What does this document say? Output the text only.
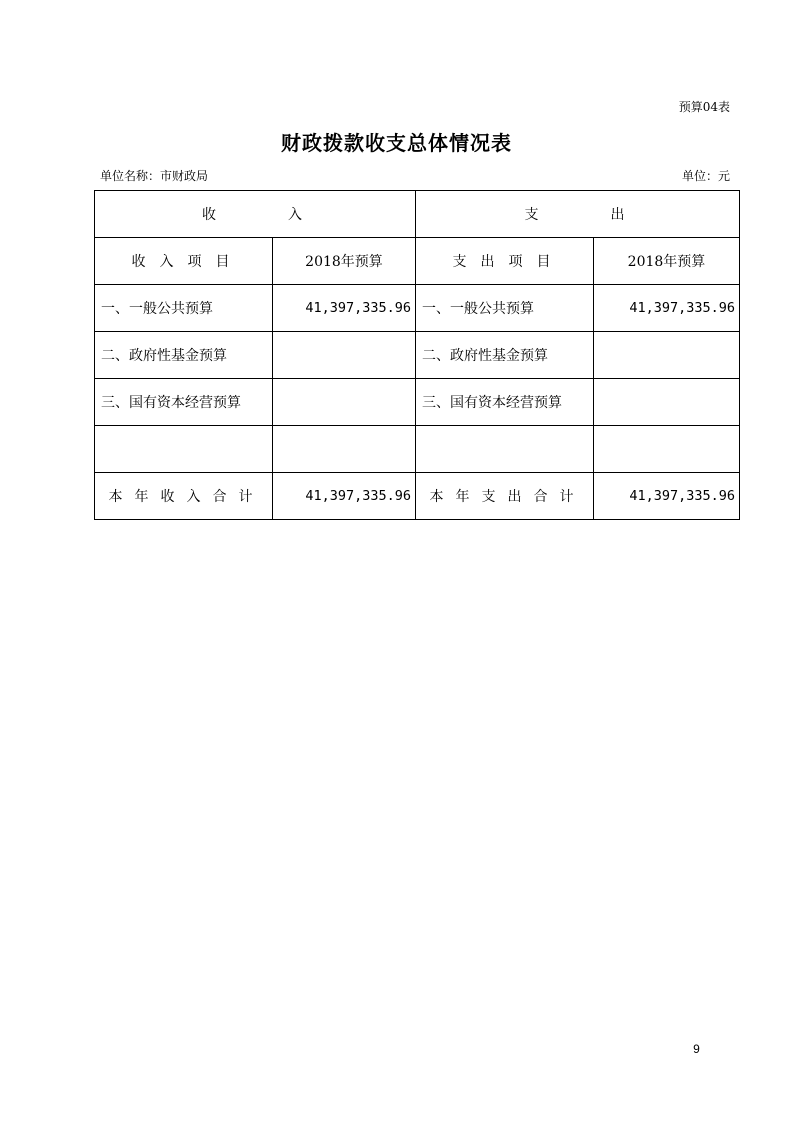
预算04表
财政拨款收支总体情况表
单位名称：市财政局	单位：元
收入		支出	
收入项目	2018年预算	支出项目	2018年预算
一、一般公共预算	41,397,335.96	一、一般公共预算	41,397,335.96
二、政府性基金预算		二、政府性基金预算	
三、国有资本经营预算		三、国有资本经营预算	

本年收入合计	41,397,335.96	本年支出合计	41,397,335.96
9
